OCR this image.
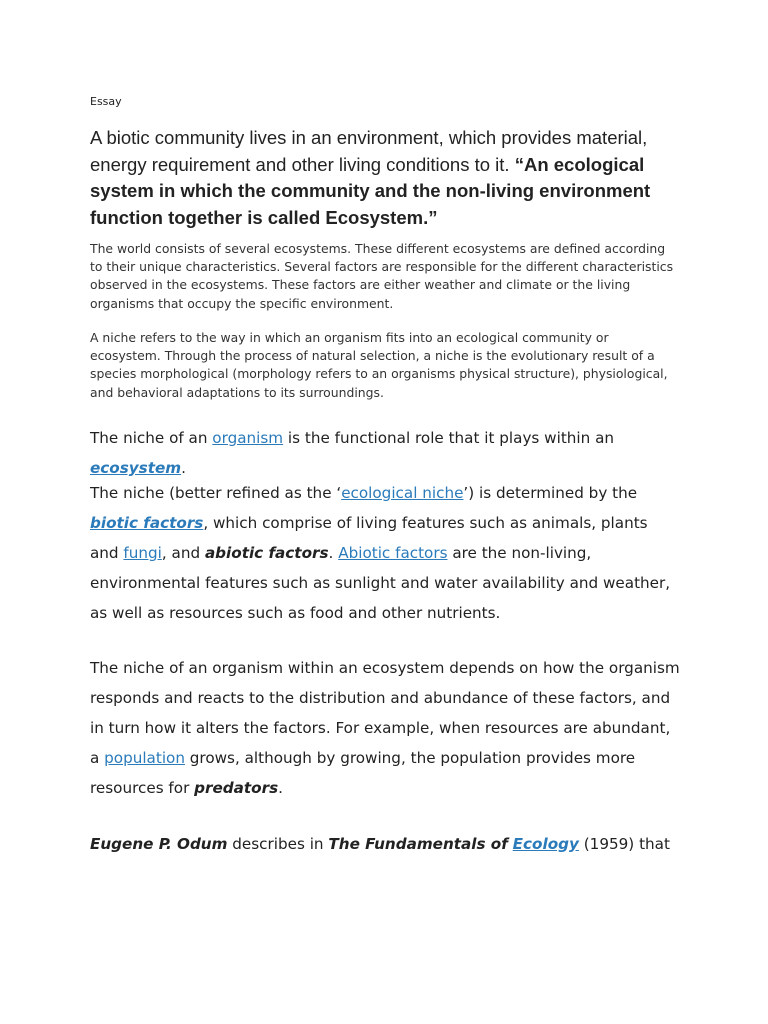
Essay

A biotic community lives in an environment, which provides material, energy requirement and other living conditions to it. “An ecological system in which the community and the non-living environment function together is called Ecosystem.”

The world consists of several ecosystems. These different ecosystems are defined according to their unique characteristics. Several factors are responsible for the different characteristics observed in the ecosystems. These factors are either weather and climate or the living organisms that occupy the specific environment.

A niche refers to the way in which an organism fits into an ecological community or ecosystem. Through the process of natural selection, a niche is the evolutionary result of a species morphological (morphology refers to an organisms physical structure), physiological, and behavioral adaptations to its surroundings.

The niche of an organism is the functional role that it plays within an ecosystem.

The niche (better refined as the ‘ecological niche’) is determined by the biotic factors, which comprise of living features such as animals, plants and fungi, and abiotic factors. Abiotic factors are the non-living, environmental features such as sunlight and water availability and weather, as well as resources such as food and other nutrients.

The niche of an organism within an ecosystem depends on how the organism responds and reacts to the distribution and abundance of these factors, and in turn how it alters the factors. For example, when resources are abundant, a population grows, although by growing, the population provides more resources for predators.

Eugene P. Odum describes in The Fundamentals of Ecology (1959) that
